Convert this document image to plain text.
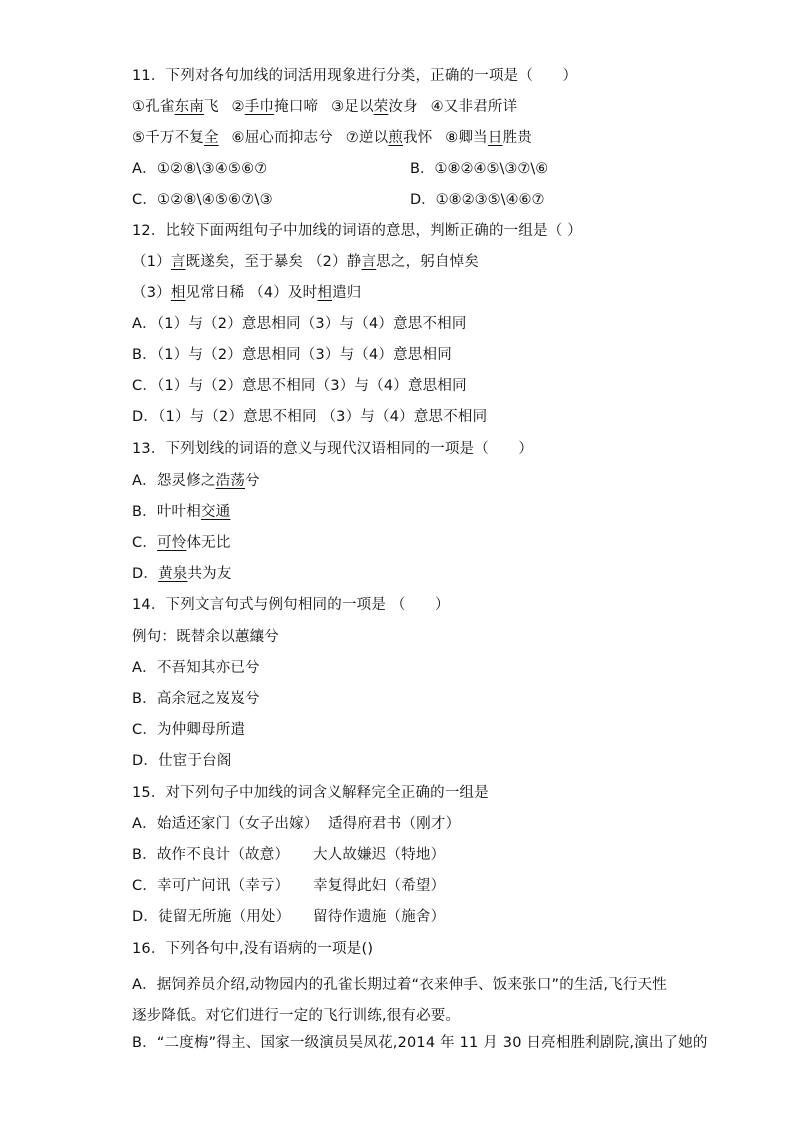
11．下列对各句加线的词活用现象进行分类，正确的一项是（　　）
①孔雀东南飞 ②手巾掩口啼 ③足以荣汝身 ④又非君所详
⑤千万不复全 ⑥屈心而抑志兮 ⑦逆以煎我怀 ⑧卿当日胜贵
A．①②⑧\③④⑤⑥⑦	B．①⑧②④⑤\③⑦\⑥
C．①②⑧\④⑤⑥⑦\③	D．①⑧②③⑤\④⑥⑦
12．比较下面两组句子中加线的词语的意思，判断正确的一组是（ ）
（1）言既遂矣，至于暴矣 （2）静言思之，躬自悼矣
（3）相见常日稀 （4）及时相遣归
A．（1）与（2）意思相同（3）与（4）意思不相同
B．（1）与（2）意思相同（3）与（4）意思相同
C．（1）与（2）意思不相同（3）与（4）意思相同
D．（1）与（2）意思不相同 （3）与（4）意思不相同
13．下列划线的词语的意义与现代汉语相同的一项是（　　）
A．怨灵修之浩荡兮
B．叶叶相交通
C．可怜体无比
D．黄泉共为友
14．下列文言句式与例句相同的一项是 （　　）
例句：既替余以蕙纕兮
A．不吾知其亦已兮
B．高余冠之岌岌兮
C．为仲卿母所遣
D．仕宦于台阁
15．对下列句子中加线的词含义解释完全正确的一组是
A．始适还家门（女子出嫁） 适得府君书（刚才）
B．故作不良计（故意） 大人故嫌迟（特地）
C．幸可广问讯（幸亏） 幸复得此妇（希望）
D．徒留无所施（用处） 留待作遗施（施舍）
16．下列各句中,没有语病的一项是()
A．据饲养员介绍,动物园内的孔雀长期过着“衣来伸手、饭来张口”的生活,飞行天性逐步降低。对它们进行一定的飞行训练,很有必要。
B．“二度梅”得主、国家一级演员吴凤花,2014 年 11 月 30 日亮相胜利剧院,演出了她的
